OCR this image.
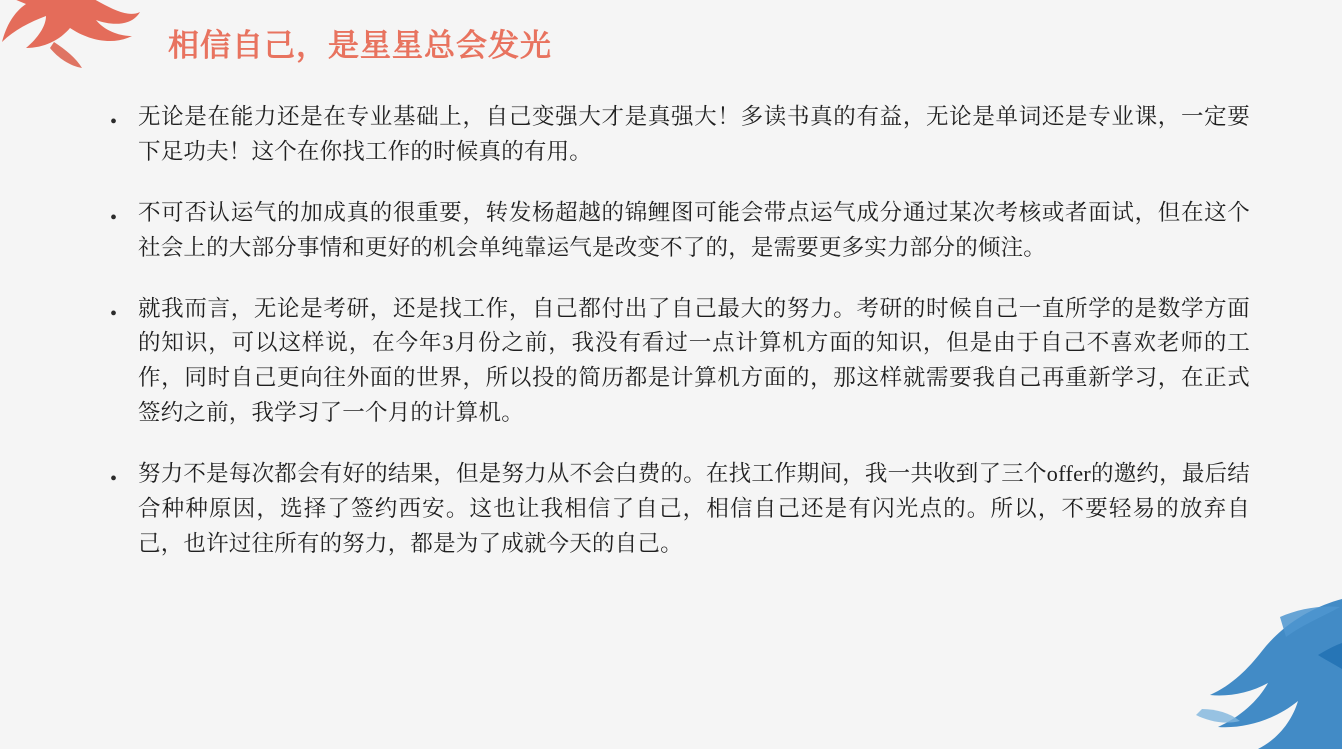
相信自己，是星星总会发光
• 无论是在能力还是在专业基础上，自己变强大才是真强大！多读书真的有益，无论是单词还是专业课，一定要下足功夫！这个在你找工作的时候真的有用。
• 不可否认运气的加成真的很重要，转发杨超越的锦鲤图可能会带点运气成分通过某次考核或者面试，但在这个社会上的大部分事情和更好的机会单纯靠运气是改变不了的，是需要更多实力部分的倾注。
• 就我而言，无论是考研，还是找工作，自己都付出了自己最大的努力。考研的时候自己一直所学的是数学方面的知识，可以这样说，在今年3月份之前，我没有看过一点计算机方面的知识，但是由于自己不喜欢老师的工作，同时自己更向往外面的世界，所以投的简历都是计算机方面的，那这样就需要我自己再重新学习，在正式签约之前，我学习了一个月的计算机。
• 努力不是每次都会有好的结果，但是努力从不会白费的。在找工作期间，我一共收到了三个offer的邀约，最后结合种种原因，选择了签约西安。这也让我相信了自己，相信自己还是有闪光点的。所以，不要轻易的放弃自己，也许过往所有的努力，都是为了成就今天的自己。
